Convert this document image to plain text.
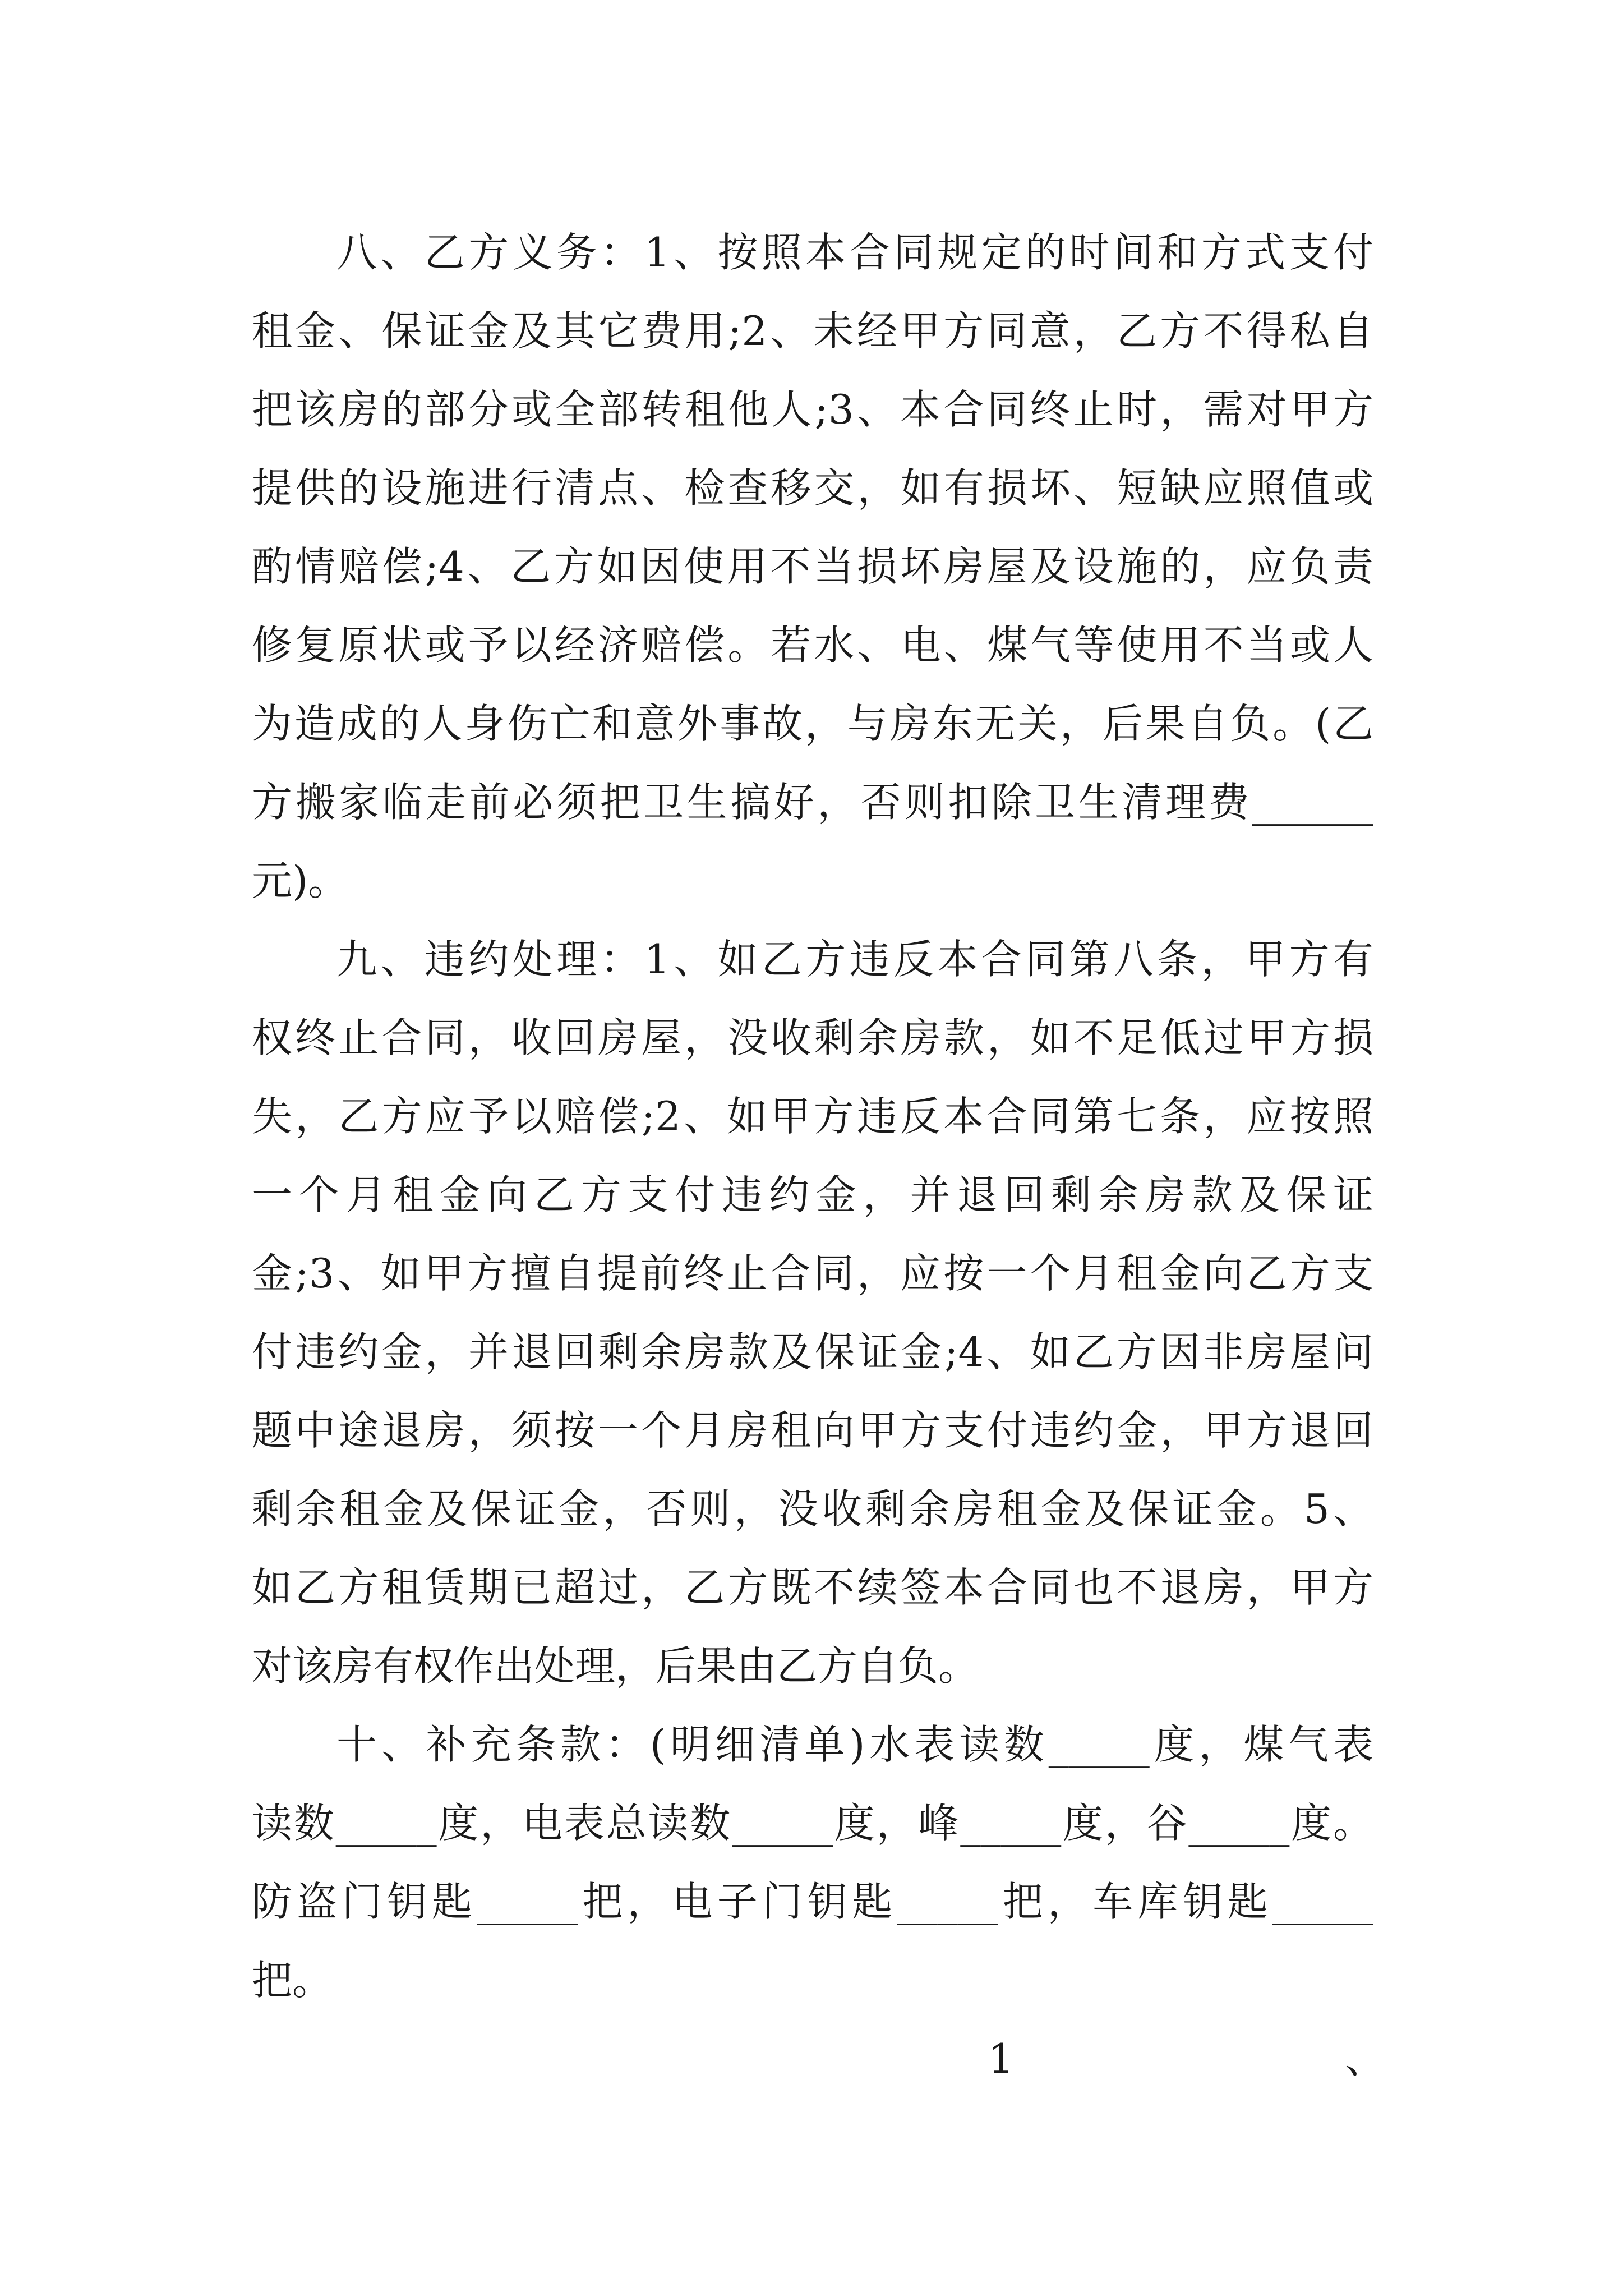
八、乙方义务：1、按照本合同规定的时间和方式支付
租金、保证金及其它费用;2、未经甲方同意，乙方不得私自
把该房的部分或全部转租他人;3、本合同终止时，需对甲方
提供的设施进行清点、检查移交，如有损坏、短缺应照值或
酌情赔偿;4、乙方如因使用不当损坏房屋及设施的，应负责
修复原状或予以经济赔偿。若水、电、煤气等使用不当或人
为造成的人身伤亡和意外事故，与房东无关，后果自负。(乙
方搬家临走前必须把卫生搞好，否则扣除卫生清理费______
元)。
九、违约处理：1、如乙方违反本合同第八条，甲方有
权终止合同，收回房屋，没收剩余房款，如不足低过甲方损
失，乙方应予以赔偿;2、如甲方违反本合同第七条，应按照
一个月租金向乙方支付违约金，并退回剩余房款及保证
金;3、如甲方擅自提前终止合同，应按一个月租金向乙方支
付违约金，并退回剩余房款及保证金;4、如乙方因非房屋问
题中途退房，须按一个月房租向甲方支付违约金，甲方退回
剩余租金及保证金，否则，没收剩余房租金及保证金。5、
如乙方租赁期已超过，乙方既不续签本合同也不退房，甲方
对该房有权作出处理，后果由乙方自负。
十、补充条款：(明细清单)水表读数_____度，煤气表
读数_____度，电表总读数_____度，峰_____度，谷_____度。
防盗门钥匙_____把，电子门钥匙_____把，车库钥匙_____
把。
1	、
